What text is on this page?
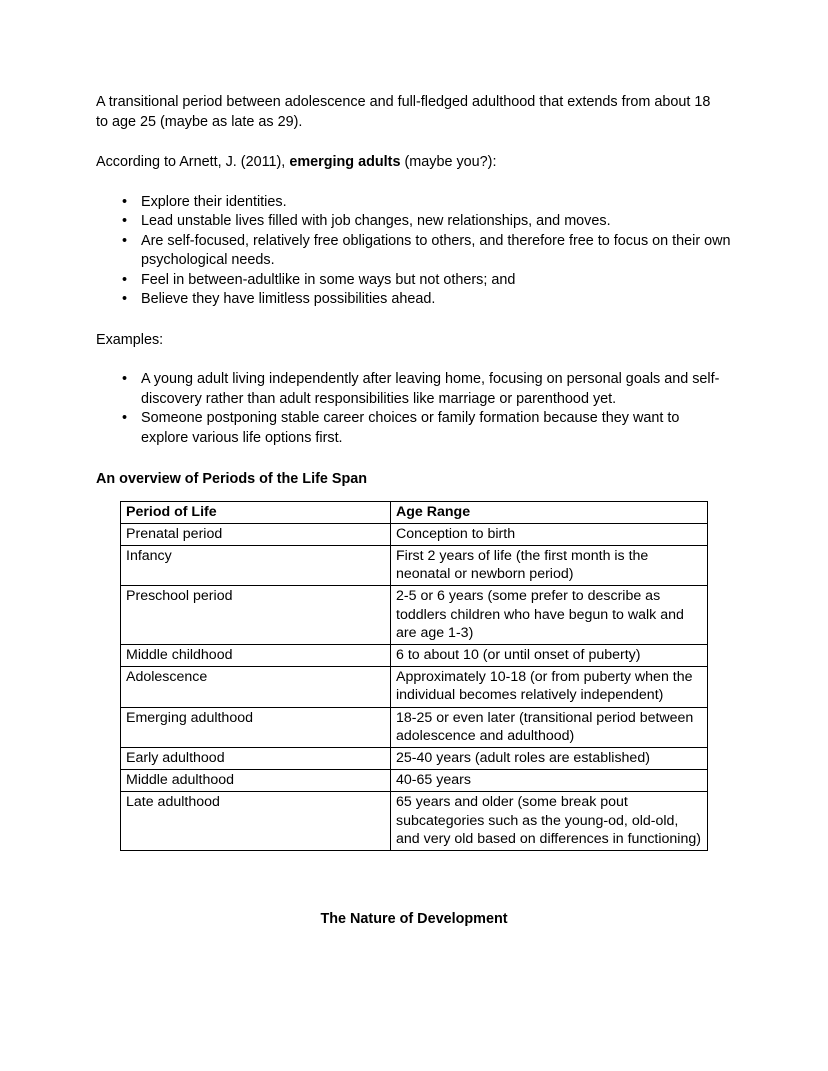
A transitional period between adolescence and full-fledged adulthood that extends from about 18 to age 25 (maybe as late as 29).

According to Arnett, J. (2011), emerging adults (maybe you?):

• Explore their identities.
• Lead unstable lives filled with job changes, new relationships, and moves.
• Are self-focused, relatively free obligations to others, and therefore free to focus on their own psychological needs.
• Feel in between-adultlike in some ways but not others; and
• Believe they have limitless possibilities ahead.

Examples:

• A young adult living independently after leaving home, focusing on personal goals and self-discovery rather than adult responsibilities like marriage or parenthood yet.
• Someone postponing stable career choices or family formation because they want to explore various life options first.
An overview of Periods of the Life Span
Period of Life	Age Range
Prenatal period	Conception to birth
Infancy	First 2 years of life (the first month is the neonatal or newborn period)
Preschool period	2-5 or 6 years (some prefer to describe as toddlers children who have begun to walk and are age 1-3)
Middle childhood	6 to about 10 (or until onset of puberty)
Adolescence	Approximately 10-18 (or from puberty when the individual becomes relatively independent)
Emerging adulthood	18-25 or even later (transitional period between adolescence and adulthood)
Early adulthood	25-40 years (adult roles are established)
Middle adulthood	40-65 years
Late adulthood	65 years and older (some break pout subcategories such as the young-od, old-old, and very old based on differences in functioning)
The Nature of Development
